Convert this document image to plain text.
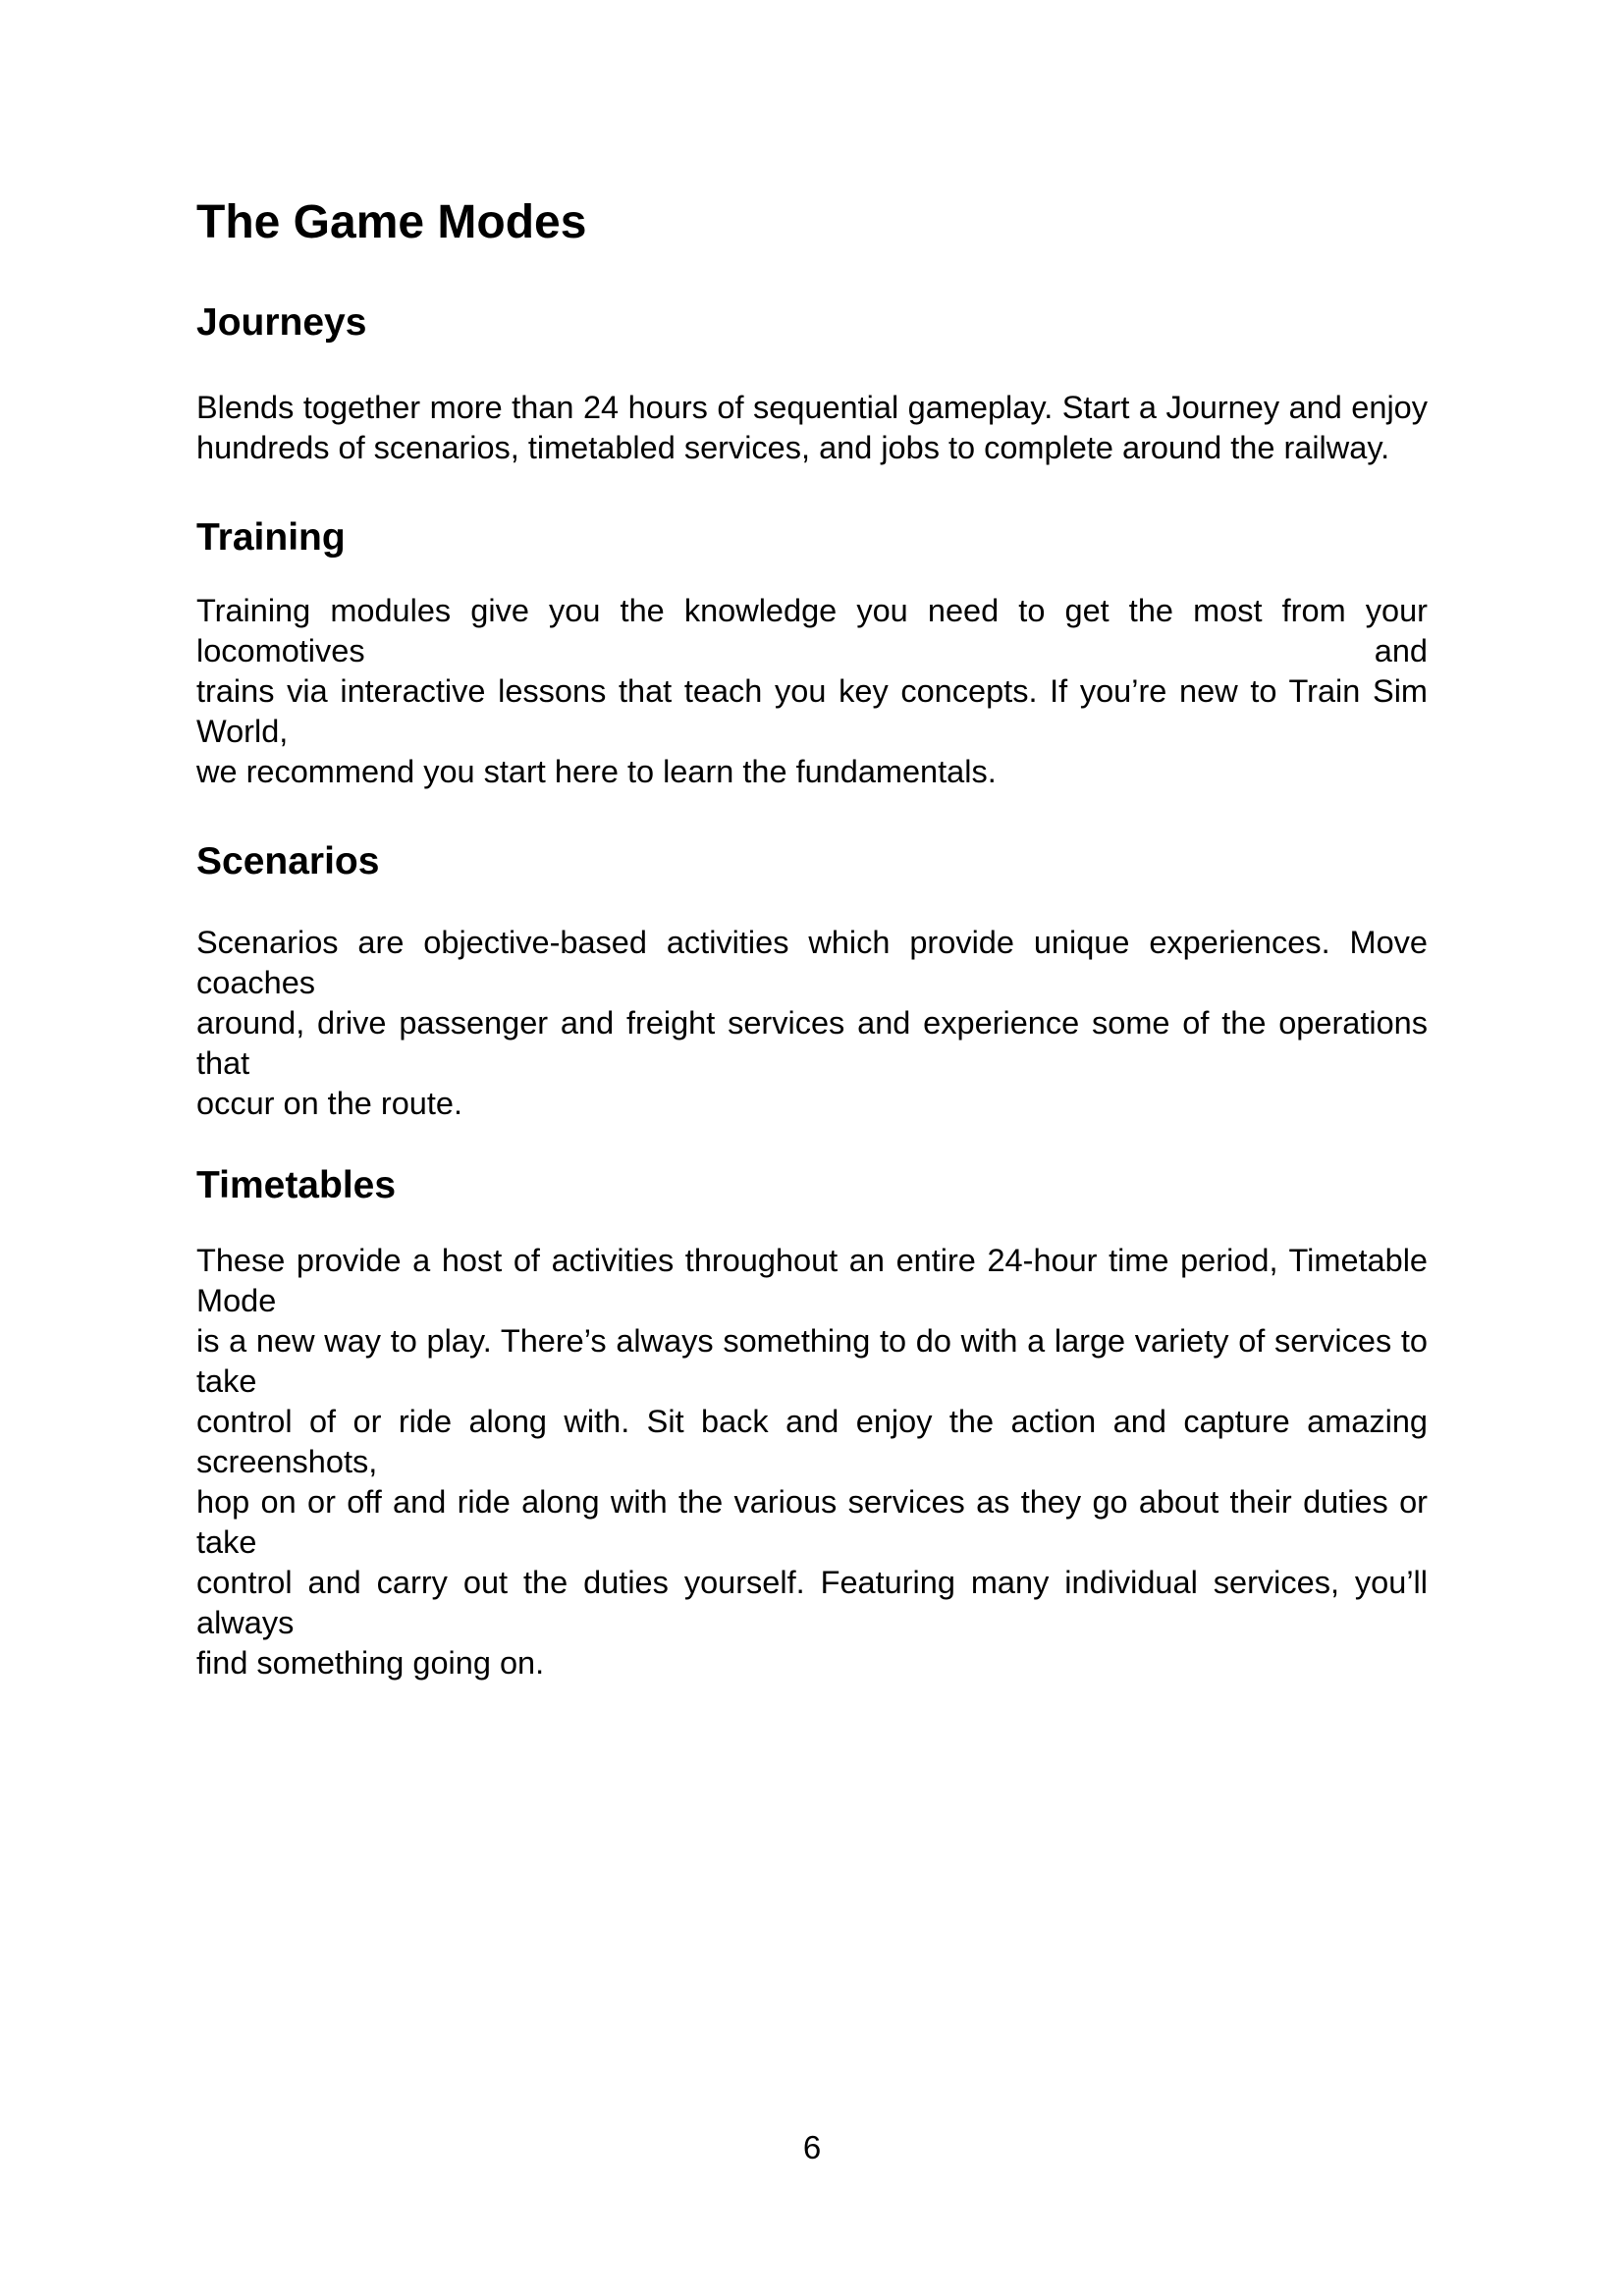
The Game Modes
Journeys
Blends together more than 24 hours of sequential gameplay. Start a Journey and enjoy
hundreds of scenarios, timetabled services, and jobs to complete around the railway.
Training
Training modules give you the knowledge you need to get the most from your locomotives and
trains via interactive lessons that teach you key concepts. If you’re new to Train Sim World,
we recommend you start here to learn the fundamentals.
Scenarios
Scenarios are objective-based activities which provide unique experiences. Move coaches
around, drive passenger and freight services and experience some of the operations that
occur on the route.
Timetables
These provide a host of activities throughout an entire 24-hour time period, Timetable Mode
is a new way to play. There’s always something to do with a large variety of services to take
control of or ride along with. Sit back and enjoy the action and capture amazing screenshots,
hop on or off and ride along with the various services as they go about their duties or take
control and carry out the duties yourself. Featuring many individual services, you’ll always
find something going on.
6
